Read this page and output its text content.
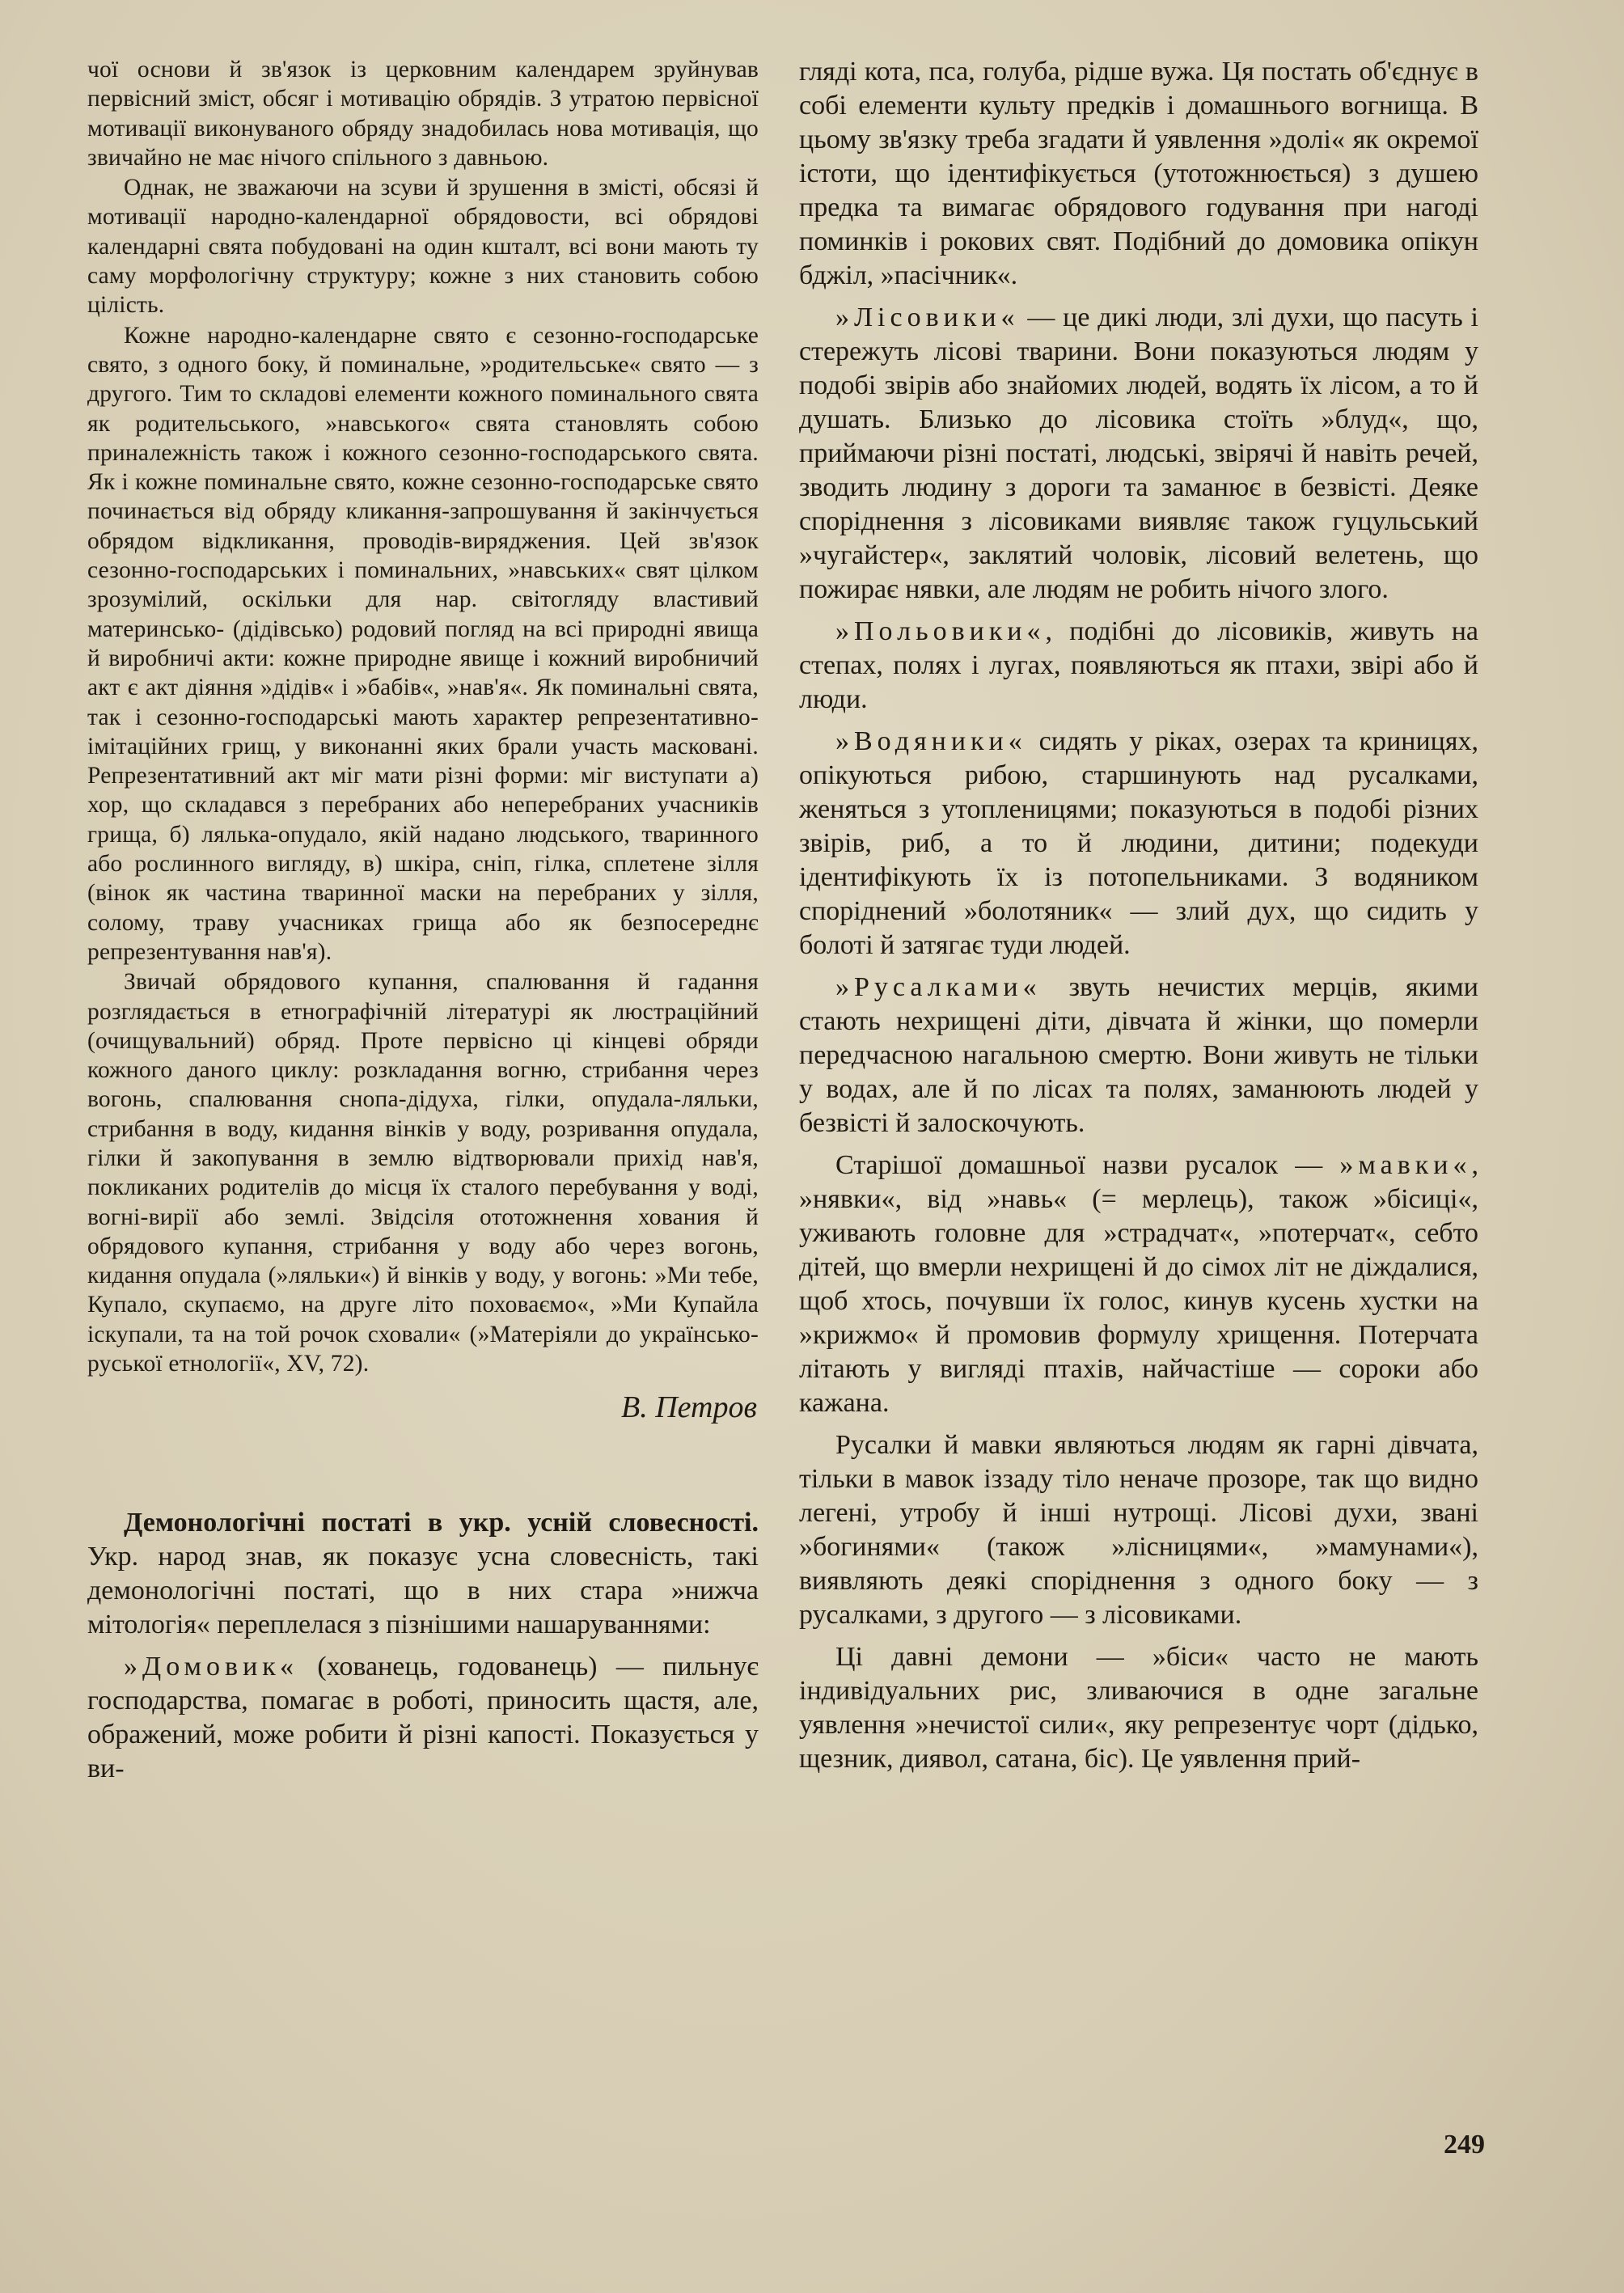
чої основи й зв'язок із церковним календарем зруйнував первісний зміст, обсяг і мотивацію обрядів. З утратою первісної мотивації виконуваного обряду знадобилась нова мотивація, що звичайно не має нічого спільного з давньою.

Однак, не зважаючи на зсуви й зрушення в змісті, обсязі й мотивації народно-календарної обрядовости, всі обрядові календарні свята побудовані на один кшталт, всі вони мають ту саму морфологічну структуру; кожне з них становить собою цілість.

Кожне народно-календарне свято є сезонно-господарське свято, з одного боку, й поминальне, »родительське« свято — з другого. Тим то складові елементи кожного поминального свята як родительського, »навського« свята становлять собою приналежність також і кожного сезонно-господарського свята. Як і кожне поминальне свято, кожне сезонно-господарське свято починається від обряду кликання-запрошування й закінчується обрядом відкликання, проводів-виряджения. Цей зв'язок сезонно-господарських і поминальних, »навських« свят цілком зрозумілий, оскільки для нар. світогляду властивий материнсько- (дідівсько) родовий погляд на всі природні явища й виробничі акти: кожне природне явище і кожний виробничий акт є акт діяння »дідів« і »бабів«, »нав'я«. Як поминальні свята, так і сезонно-господарські мають характер репрезентативно-імітаційних грищ, у виконанні яких брали участь масковані. Репрезентативний акт міг мати різні форми: міг виступати а) хор, що складався з перебраних або неперебраних учасників грища, б) лялька-опудало, якій надано людського, тваринного або рослинного вигляду, в) шкіра, сніп, гілка, сплетене зілля (вінок як частина тваринної маски на перебраних у зілля, солому, траву учасниках грища або як безпосереднє репрезентування нав'я).

Звичай обрядового купання, спалювання й гадання розглядається в етнографічній літературі як люстраційний (очищувальний) обряд. Проте первісно ці кінцеві обряди кожного даного циклу: розкладання вогню, стрибання через вогонь, спалювання снопа-дідуха, гілки, опудала-ляльки, стрибання в воду, кидання вінків у воду, розривання опудала, гілки й закопування в землю відтворювали прихід нав'я, покликаних родителів до місця їх сталого перебування у воді, вогні-вирії або землі. Звідсіля ототожнення хования й обрядового купання, стрибання у воду або через вогонь, кидання опудала (»ляльки«) й вінків у воду, у вогонь: »Ми тебе, Купало, скупаємо, на друге літо поховаємо«, »Ми Купайла іскупали, та на той рочок сховали« (»Матеріяли до українсько-руської етнології«, XV, 72).

В. Петров

Демонологічні постаті в укр. усній словесності. Укр. народ знав, як показує усна словесність, такі демонологічні постаті, що в них стара »нижча мітологія« переплелася з пізнішими нашаруваннями:

»Домовик« (хованець, годованець) — пильнує господарства, помагає в роботі, приносить щастя, але, ображений, може робити й різні капості. Показується у ви-

гляді кота, пса, голуба, рідше вужа. Ця постать об'єднує в собі елементи культу предків і домашнього вогнища. В цьому зв'язку треба згадати й уявлення »долі« як окремої істоти, що ідентифікується (утотожнюється) з душею предка та вимагає обрядового годування при нагоді поминків і рокових свят. Подібний до домовика опікун бджіл, »пасічник«.

»Лісовики« — це дикі люди, злі духи, що пасуть і стережуть лісові тварини. Вони показуються людям у подобі звірів або знайомих людей, водять їх лісом, а то й душать. Близько до лісовика стоїть »блуд«, що, приймаючи різні постаті, людські, звірячі й навіть речей, зводить людину з дороги та заманює в безвісті. Деяке споріднення з лісовиками виявляє також гуцульський »чугайстер«, заклятий чоловік, лісовий велетень, що пожирає нявки, але людям не робить нічого злого.

»Польовики«, подібні до лісовиків, живуть на степах, полях і лугах, появляються як птахи, звірі або й люди.

»Водяники« сидять у ріках, озерах та криницях, опікуються рибою, старшинують над русалками, женяться з утопленицями; показуються в подобі різних звірів, риб, а то й людини, дитини; подекуди ідентифікують їх із потопельниками. З водяником споріднений »болотяник« — злий дух, що сидить у болоті й затягає туди людей.

»Русалками« звуть нечистих мерців, якими стають нехрищені діти, дівчата й жінки, що померли передчасною нагальною смертю. Вони живуть не тільки у водах, але й по лісах та полях, заманюють людей у безвісті й залоскочують.

Старішої домашньої назви русалок — »мавки«, »нявки«, від »навь« (= мерлець), також »бісиці«, уживають головне для »страдчат«, »потерчат«, себто дітей, що вмерли нехрищені й до сімох літ не діждалися, щоб хтось, почувши їх голос, кинув кусень хустки на »крижмо« й промовив формулу хрищення. Потерчата літають у вигляді птахів, найчастіше — сороки або кажана.

Русалки й мавки являються людям як гарні дівчата, тільки в мавок іззаду тіло неначе прозоре, так що видно легені, утробу й інші нутрощі. Лісові духи, звані »богинями« (також »лісницями«, »мамунами«), виявляють деякі споріднення з одного боку — з русалками, з другого — з лісовиками.

Ці давні демони — »біси« часто не мають індивідуальних рис, зливаючися в одне загальне уявлення »нечистої сили«, яку репрезентує чорт (дідько, щезник, диявол, сатана, біс). Це уявлення прий-

249
